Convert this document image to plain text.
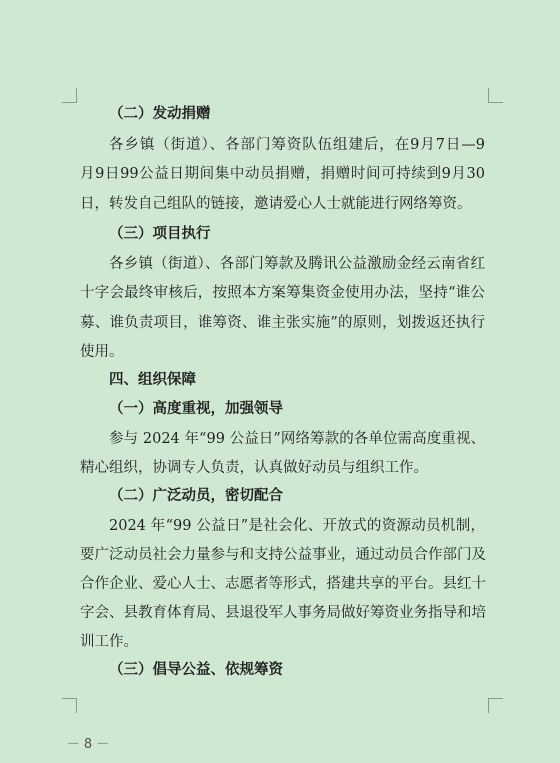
（二）发动捐赠
各乡镇（街道）、各部门筹资队伍组建后，在9月7日—9
月9日99公益日期间集中动员捐赠，捐赠时间可持续到9月30
日，转发自己组队的链接，邀请爱心人士就能进行网络筹资。
（三）项目执行
各乡镇（街道）、各部门筹款及腾讯公益激励金经云南省红
十字会最终审核后，按照本方案筹集资金使用办法，坚持“谁公
募、谁负责项目，谁筹资、谁主张实施”的原则，划拨返还执行
使用。
四、组织保障
（一）高度重视，加强领导
参与 2024 年“99 公益日”网络筹款的各单位需高度重视、
精心组织，协调专人负责，认真做好动员与组织工作。
（二）广泛动员，密切配合
2024 年“99 公益日”是社会化、开放式的资源动员机制，
要广泛动员社会力量参与和支持公益事业，通过动员合作部门及
合作企业、爱心人士、志愿者等形式，搭建共享的平台。县红十
字会、县教育体育局、县退役军人事务局做好筹资业务指导和培
训工作。
（三）倡导公益、依规筹资
－ 8 －
